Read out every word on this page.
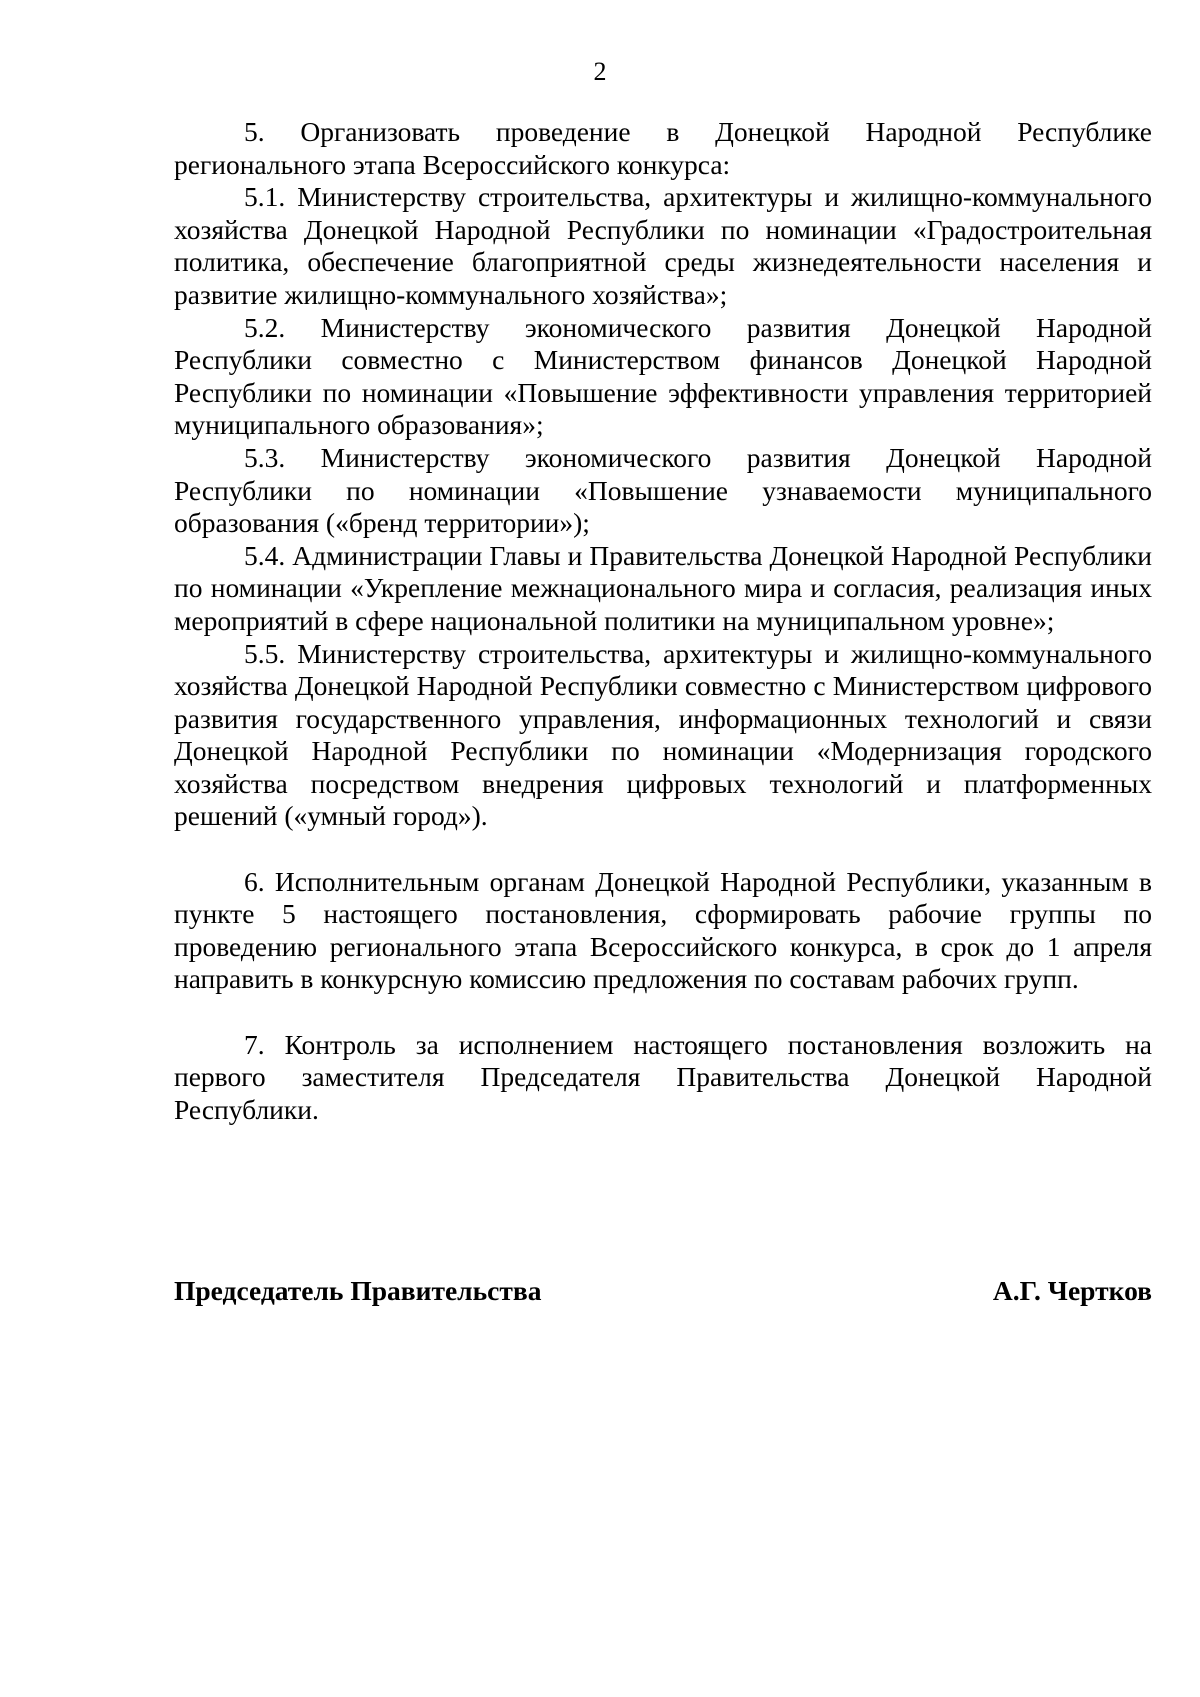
2

5. Организовать проведение в Донецкой Народной Республике регионального этапа Всероссийского конкурса:

5.1. Министерству строительства, архитектуры и жилищно-коммунального хозяйства Донецкой Народной Республики по номинации «Градостроительная политика, обеспечение благоприятной среды жизнедеятельности населения и развитие жилищно-коммунального хозяйства»;

5.2. Министерству экономического развития Донецкой Народной Республики совместно с Министерством финансов Донецкой Народной Республики по номинации «Повышение эффективности управления территорией муниципального образования»;

5.3. Министерству экономического развития Донецкой Народной Республики по номинации «Повышение узнаваемости муниципального образования («бренд территории»);

5.4. Администрации Главы и Правительства Донецкой Народной Республики по номинации «Укрепление межнационального мира и согласия, реализация иных мероприятий в сфере национальной политики на муниципальном уровне»;

5.5. Министерству строительства, архитектуры и жилищно-коммунального хозяйства Донецкой Народной Республики совместно с Министерством цифрового развития государственного управления, информационных технологий и связи Донецкой Народной Республики по номинации «Модернизация городского хозяйства посредством внедрения цифровых технологий и платформенных решений («умный город»).

6. Исполнительным органам Донецкой Народной Республики, указанным в пункте 5 настоящего постановления, сформировать рабочие группы по проведению регионального этапа Всероссийского конкурса, в срок до 1 апреля направить в конкурсную комиссию предложения по составам рабочих групп.

7. Контроль за исполнением настоящего постановления возложить на первого заместителя Председателя Правительства Донецкой Народной Республики.

Председатель Правительства	А.Г. Чертков
